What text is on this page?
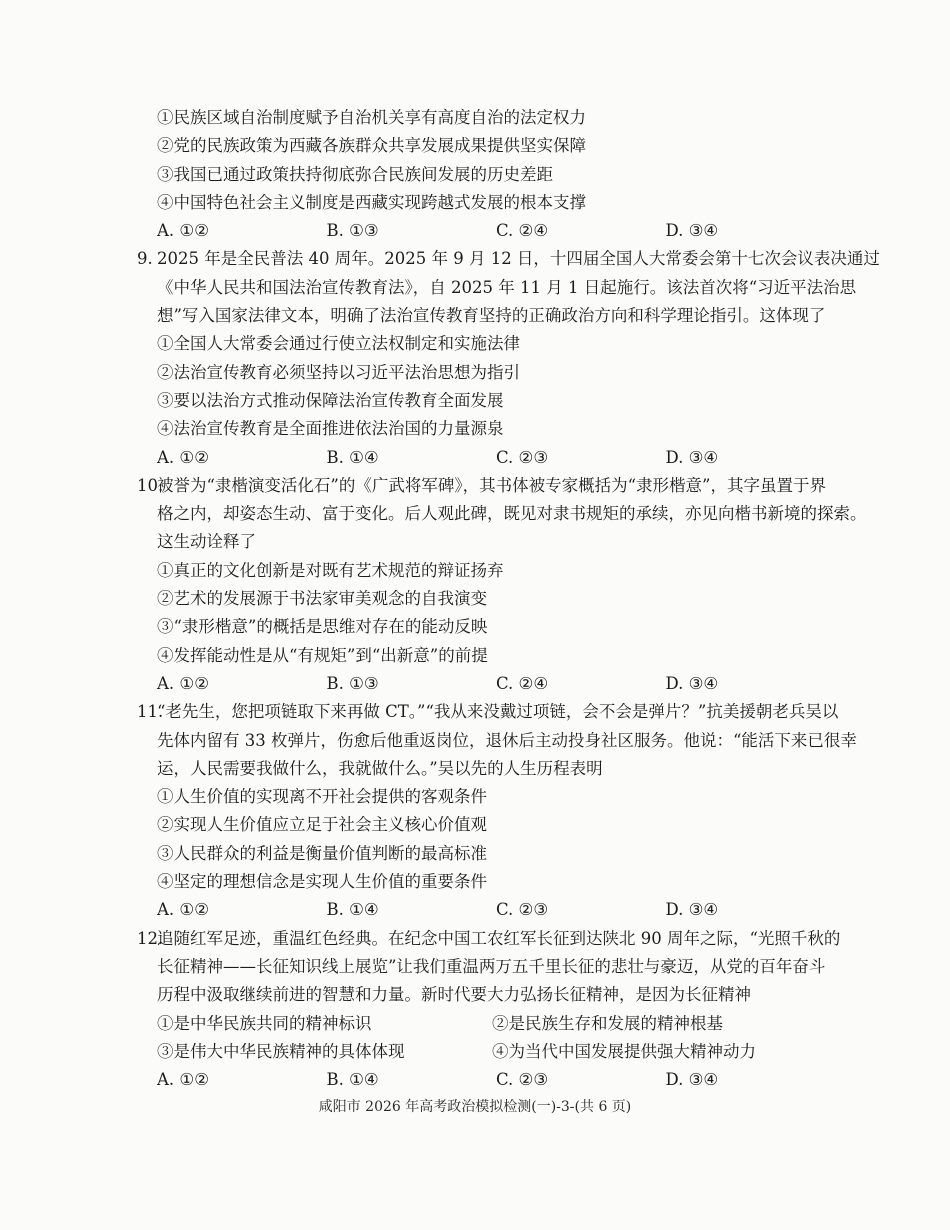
①民族区域自治制度赋予自治机关享有高度自治的法定权力
②党的民族政策为西藏各族群众共享发展成果提供坚实保障
③我国已通过政策扶持彻底弥合民族间发展的历史差距
④中国特色社会主义制度是西藏实现跨越式发展的根本支撑
A. ①②	B. ①③	C. ②④	D. ③④
9. 2025 年是全民普法 40 周年。2025 年 9 月 12 日，十四届全国人大常委会第十七次会议表决通过
《中华人民共和国法治宣传教育法》，自 2025 年 11 月 1 日起施行。该法首次将“习近平法治思
想”写入国家法律文本，明确了法治宣传教育坚持的正确政治方向和科学理论指引。这体现了
①全国人大常委会通过行使立法权制定和实施法律
②法治宣传教育必须坚持以习近平法治思想为指引
③要以法治方式推动保障法治宣传教育全面发展
④法治宣传教育是全面推进依法治国的力量源泉
A. ①②	B. ①④	C. ②③	D. ③④
10.
被誉为“隶楷演变活化石”的《广武将军碑》，其书体被专家概括为“隶形楷意”，其字虽置于界
格之内，却姿态生动、富于变化。后人观此碑，既见对隶书规矩的承续，亦见向楷书新境的探索。
这生动诠释了
①真正的文化创新是对既有艺术规范的辩证扬弃
②艺术的发展源于书法家审美观念的自我演变
③“隶形楷意”的概括是思维对存在的能动反映
④发挥能动性是从“有规矩”到“出新意”的前提
A. ①②	B. ①③	C. ②④	D. ③④
11.
“老先生，您把项链取下来再做 CT。”“我从来没戴过项链，会不会是弹片？”抗美援朝老兵吴以
先体内留有 33 枚弹片，伤愈后他重返岗位，退休后主动投身社区服务。他说：“能活下来已很幸
运，人民需要我做什么，我就做什么。”吴以先的人生历程表明
①人生价值的实现离不开社会提供的客观条件
②实现人生价值应立足于社会主义核心价值观
③人民群众的利益是衡量价值判断的最高标准
④坚定的理想信念是实现人生价值的重要条件
A. ①②	B. ①④	C. ②③	D. ③④
12.
追随红军足迹，重温红色经典。在纪念中国工农红军长征到达陕北 90 周年之际，“光照千秋的
长征精神——长征知识线上展览”让我们重温两万五千里长征的悲壮与豪迈，从党的百年奋斗
历程中汲取继续前进的智慧和力量。新时代要大力弘扬长征精神，是因为长征精神
①是中华民族共同的精神标识	②是民族生存和发展的精神根基
③是伟大中华民族精神的具体体现	④为当代中国发展提供强大精神动力
A. ①②	B. ①④	C. ②③	D. ③④
咸阳市 2026 年高考政治模拟检测(一)-3-(共 6 页)
